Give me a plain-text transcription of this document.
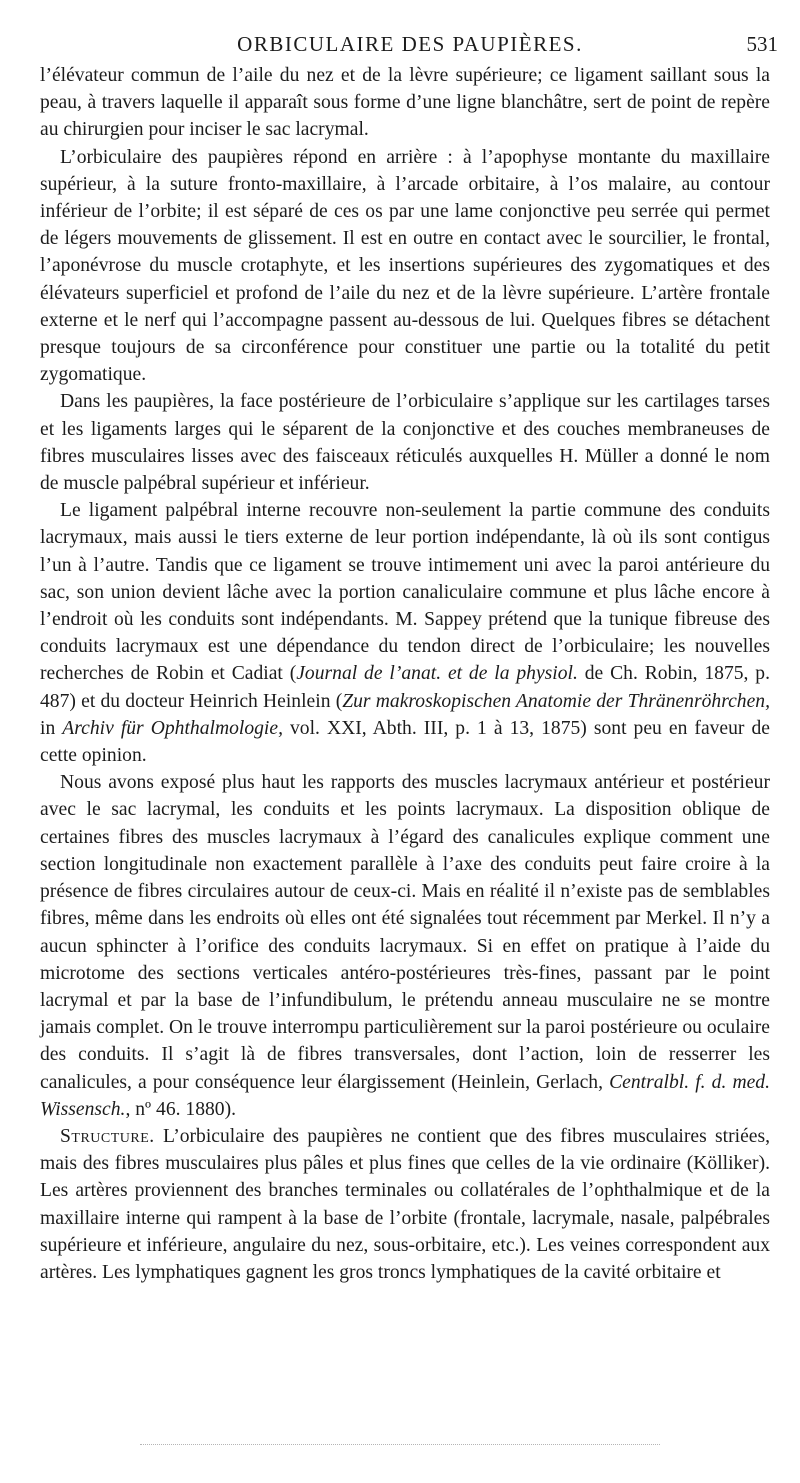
ORBICULAIRE DES PAUPIÈRES.	531

l’élévateur commun de l’aile du nez et de la lèvre supérieure; ce ligament saillant sous la peau, à travers laquelle il apparaît sous forme d’une ligne blanchâtre, sert de point de repère au chirurgien pour inciser le sac lacrymal.

L’orbiculaire des paupières répond en arrière : à l’apophyse montante du maxillaire supérieur, à la suture fronto-maxillaire, à l’arcade orbitaire, à l’os malaire, au contour inférieur de l’orbite; il est séparé de ces os par une lame conjonctive peu serrée qui permet de légers mouvements de glissement. Il est en outre en contact avec le sourcilier, le frontal, l’aponévrose du muscle crotaphyte, et les insertions supérieures des zygomatiques et des élévateurs superficiel et profond de l’aile du nez et de la lèvre supérieure. L’artère frontale externe et le nerf qui l’accompagne passent au-dessous de lui. Quelques fibres se détachent presque toujours de sa circonférence pour constituer une partie ou la totalité du petit zygomatique.

Dans les paupières, la face postérieure de l’orbiculaire s’applique sur les cartilages tarses et les ligaments larges qui le séparent de la conjonctive et des couches membraneuses de fibres musculaires lisses avec des faisceaux réticulés auxquelles H. Müller a donné le nom de muscle palpébral supérieur et inférieur.

Le ligament palpébral interne recouvre non-seulement la partie commune des conduits lacrymaux, mais aussi le tiers externe de leur portion indépendante, là où ils sont contigus l’un à l’autre. Tandis que ce ligament se trouve intimement uni avec la paroi antérieure du sac, son union devient lâche avec la portion canaliculaire commune et plus lâche encore à l’endroit où les conduits sont indépendants. M. Sappey prétend que la tunique fibreuse des conduits lacrymaux est une dépendance du tendon direct de l’orbiculaire; les nouvelles recherches de Robin et Cadiat (Journal de l’anat. et de la physiol. de Ch. Robin, 1875, p. 487) et du docteur Heinrich Heinlein (Zur makroskopischen Anatomie der Thränenröhrchen, in Archiv für Ophthalmologie, vol. XXI, Abth. III, p. 1 à 13, 1875) sont peu en faveur de cette opinion.

Nous avons exposé plus haut les rapports des muscles lacrymaux antérieur et postérieur avec le sac lacrymal, les conduits et les points lacrymaux. La disposition oblique de certaines fibres des muscles lacrymaux à l’égard des canalicules explique comment une section longitudinale non exactement parallèle à l’axe des conduits peut faire croire à la présence de fibres circulaires autour de ceux-ci. Mais en réalité il n’existe pas de semblables fibres, même dans les endroits où elles ont été signalées tout récemment par Merkel. Il n’y a aucun sphincter à l’orifice des conduits lacrymaux. Si en effet on pratique à l’aide du microtome des sections verticales antéro-postérieures très-fines, passant par le point lacrymal et par la base de l’infundibulum, le prétendu anneau musculaire ne se montre jamais complet. On le trouve interrompu particulièrement sur la paroi postérieure ou oculaire des conduits. Il s’agit là de fibres transversales, dont l’action, loin de resserrer les canalicules, a pour conséquence leur élargissement (Heinlein, Gerlach, Centralbl. f. d. med. Wissensch., nº 46. 1880).

Structure. L’orbiculaire des paupières ne contient que des fibres musculaires striées, mais des fibres musculaires plus pâles et plus fines que celles de la vie ordinaire (Kölliker). Les artères proviennent des branches terminales ou collatérales de l’ophthalmique et de la maxillaire interne qui rampent à la base de l’orbite (frontale, lacrymale, nasale, palpébrales supérieure et inférieure, angulaire du nez, sous-orbitaire, etc.). Les veines correspondent aux artères. Les lymphatiques gagnent les gros troncs lymphatiques de la cavité orbitaire et
